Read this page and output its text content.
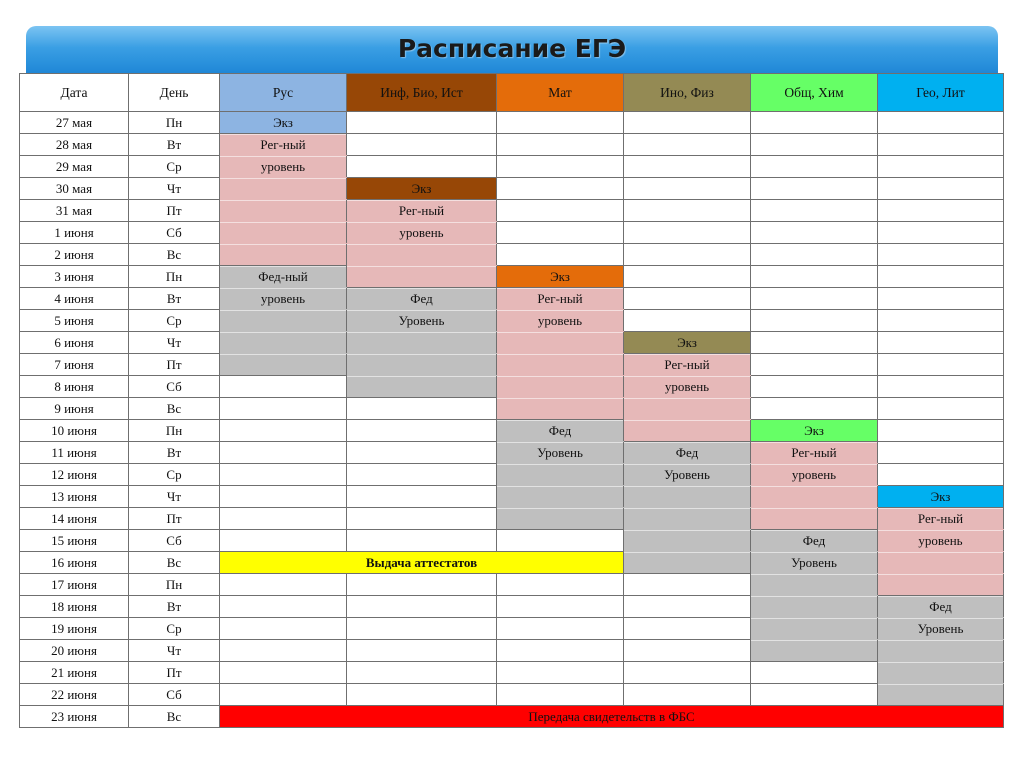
Расписание ЕГЭ
Дата	День	Рус	Инф, Био, Ист	Мат	Ино, Физ	Общ, Хим	Гео, Лит
27 мая	Пн	Экз					
28 мая	Вт	Рег-ный					
29 мая	Ср	уровень					
30 мая	Чт		Экз				
31 мая	Пт		Рег-ный				
1 июня	Сб		уровень				
2 июня	Вс						
3 июня	Пн	Фед-ный		Экз			
4 июня	Вт	уровень	Фед	Рег-ный			
5 июня	Ср		Уровень	уровень			
6 июня	Чт				Экз		
7 июня	Пт				Рег-ный		
8 июня	Сб				уровень		
9 июня	Вс						
10 июня	Пн			Фед		Экз	
11 июня	Вт			Уровень	Фед	Рег-ный	
12 июня	Ср				Уровень	уровень	
13 июня	Чт						Экз
14 июня	Пт						Рег-ный
15 июня	Сб					Фед	уровень
16 июня	Вс	Выдача аттестатов				Уровень	
17 июня	Пн						
18 июня	Вт						Фед
19 июня	Ср						Уровень
20 июня	Чт						
21 июня	Пт						
22 июня	Сб						
23 июня	Вс	Передача свидетельств в ФБС					
